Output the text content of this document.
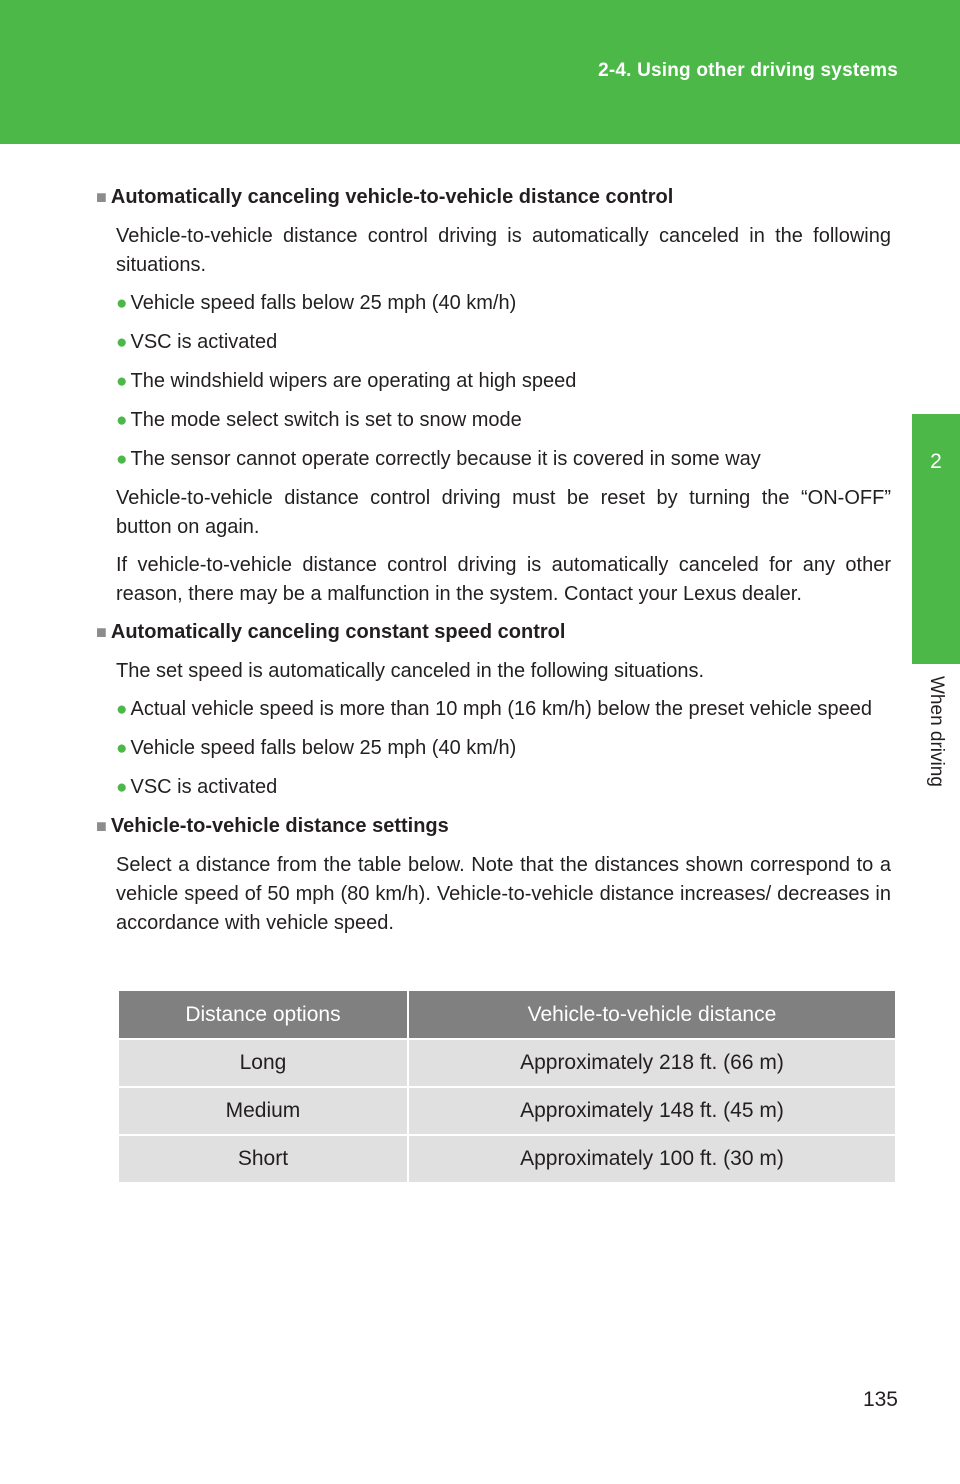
2-4. Using other driving systems
2
When driving
■ Automatically canceling vehicle-to-vehicle distance control

Vehicle-to-vehicle distance control driving is automatically canceled in the following situations.

● Vehicle speed falls below 25 mph (40 km/h)
● VSC is activated
● The windshield wipers are operating at high speed
● The mode select switch is set to snow mode
● The sensor cannot operate correctly because it is covered in some way

Vehicle-to-vehicle distance control driving must be reset by turning the “ON-OFF” button on again.

If vehicle-to-vehicle distance control driving is automatically canceled for any other reason, there may be a malfunction in the system. Contact your Lexus dealer.

■ Automatically canceling constant speed control

The set speed is automatically canceled in the following situations.

● Actual vehicle speed is more than 10 mph (16 km/h) below the preset vehicle speed
● Vehicle speed falls below 25 mph (40 km/h)
● VSC is activated
■ Vehicle-to-vehicle distance settings

Select a distance from the table below. Note that the distances shown correspond to a vehicle speed of 50 mph (80 km/h). Vehicle-to-vehicle distance increases/ decreases in accordance with vehicle speed.

Distance options	Vehicle-to-vehicle distance
Long	Approximately 218 ft. (66 m)
Medium	Approximately 148 ft. (45 m)
Short	Approximately 100 ft. (30 m)
135
